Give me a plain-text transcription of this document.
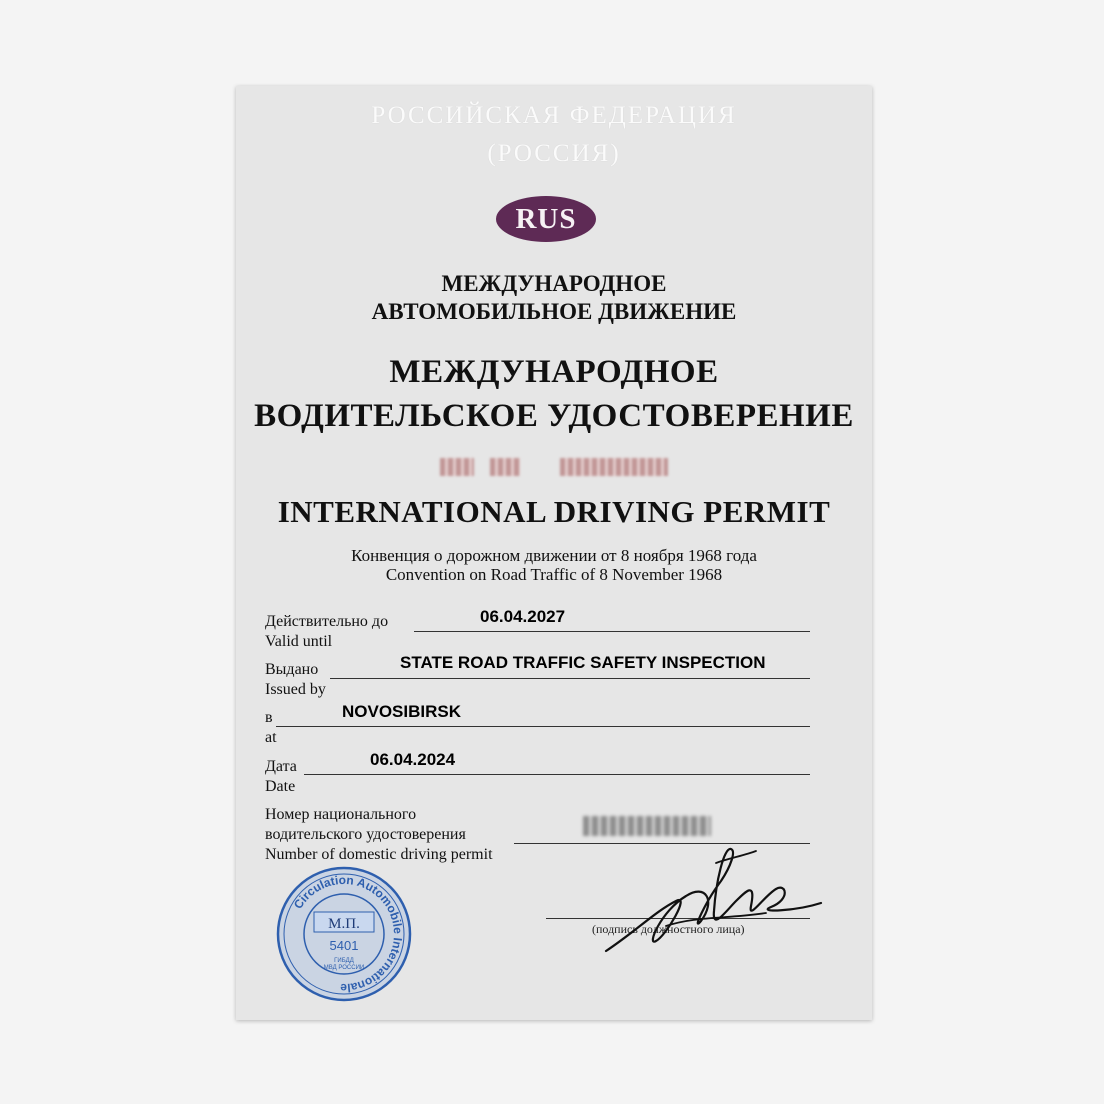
РОССИЙСКАЯ ФЕДЕРАЦИЯ
(РОССИЯ)
RUS
МЕЖДУНАРОДНОЕ
АВТОМОБИЛЬНОЕ ДВИЖЕНИЕ
МЕЖДУНАРОДНОЕ
ВОДИТЕЛЬСКОЕ УДОСТОВЕРЕНИЕ
INTERNATIONAL DRIVING PERMIT
Конвенция о дорожном движении от 8 ноября 1968 года
Convention on Road Traffic of 8 November 1968
Действительно до
Valid until
06.04.2027
Выдано
Issued by
STATE ROAD TRAFFIC SAFETY INSPECTION
в
at
NOVOSIBIRSK
Дата
Date
06.04.2024
Номер национального
водительского удостоверения
Number of domestic driving permit
(подпись должностного лица)
Circulation Automobile Internationale
М.П.
5401
ГИБДД
МВД РОССИИ
